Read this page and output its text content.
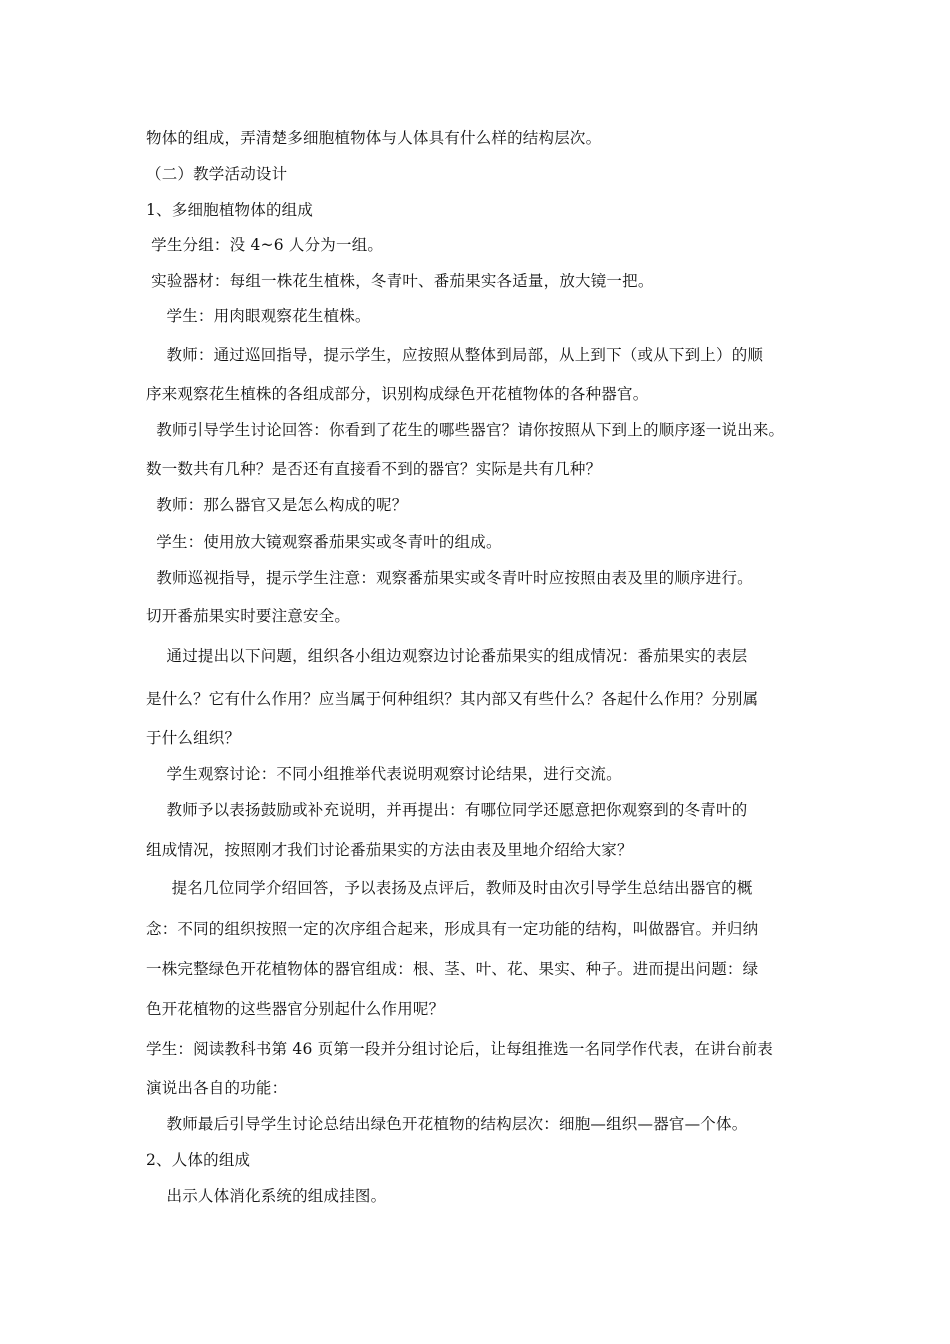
物体的组成，弄清楚多细胞植物体与人体具有什么样的结构层次。
（二）教学活动设计
1、多细胞植物体的组成
学生分组：没 4~6 人分为一组。
实验器材：每组一株花生植株，冬青叶、番茄果实各适量，放大镜一把。
学生：用肉眼观察花生植株。
教师：通过巡回指导，提示学生，应按照从整体到局部，从上到下（或从下到上）的顺
序来观察花生植株的各组成部分，识别构成绿色开花植物体的各种器官。
教师引导学生讨论回答：你看到了花生的哪些器官？请你按照从下到上的顺序逐一说出来。
数一数共有几种？是否还有直接看不到的器官？实际是共有几种？
教师：那么器官又是怎么构成的呢？
学生：使用放大镜观察番茄果实或冬青叶的组成。
教师巡视指导，提示学生注意：观察番茄果实或冬青叶时应按照由表及里的顺序进行。
切开番茄果实时要注意安全。
通过提出以下问题，组织各小组边观察边讨论番茄果实的组成情况：番茄果实的表层
是什么？它有什么作用？应当属于何种组织？其内部又有些什么？各起什么作用？分别属
于什么组织？
学生观察讨论：不同小组推举代表说明观察讨论结果，进行交流。
教师予以表扬鼓励或补充说明，并再提出：有哪位同学还愿意把你观察到的冬青叶的
组成情况，按照刚才我们讨论番茄果实的方法由表及里地介绍给大家？
提名几位同学介绍回答，予以表扬及点评后，教师及时由次引导学生总结出器官的概
念：不同的组织按照一定的次序组合起来，形成具有一定功能的结构，叫做器官。并归纳
一株完整绿色开花植物体的器官组成：根、茎、叶、花、果实、种子。进而提出问题：绿
色开花植物的这些器官分别起什么作用呢？
学生：阅读教科书第 46 页第一段并分组讨论后，让每组推选一名同学作代表，在讲台前表
演说出各自的功能：
教师最后引导学生讨论总结出绿色开花植物的结构层次：细胞—组织—器官—个体。
2、人体的组成
出示人体消化系统的组成挂图。
